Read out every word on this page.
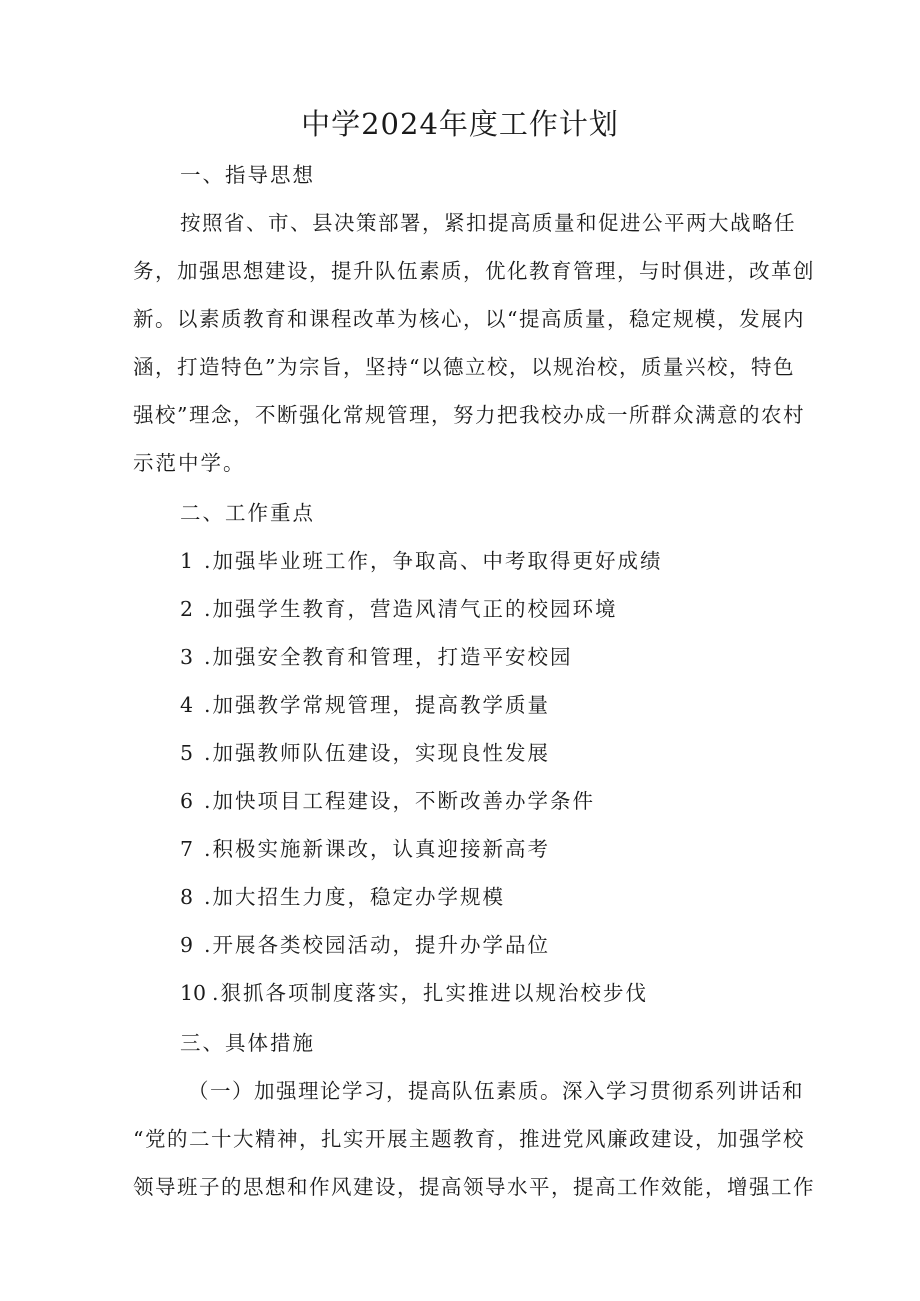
中学2024年度工作计划

一、指导思想

按照省、市、县决策部署，紧扣提高质量和促进公平两大战略任

务，加强思想建设，提升队伍素质，优化教育管理，与时俱进，改革创

新。以素质教育和课程改革为核心，以“提高质量，稳定规模，发展内

涵，打造特色”为宗旨，坚持“以德立校，以规治校，质量兴校，特色

强校”理念，不断强化常规管理，努力把我校办成一所群众满意的农村

示范中学。

二、工作重点

1 .加强毕业班工作，争取高、中考取得更好成绩

2 .加强学生教育，营造风清气正的校园环境

3 .加强安全教育和管理，打造平安校园

4 .加强教学常规管理，提高教学质量

5 .加强教师队伍建设，实现良性发展

6 .加快项目工程建设，不断改善办学条件

7 .积极实施新课改，认真迎接新高考

8 .加大招生力度，稳定办学规模

9 .开展各类校园活动，提升办学品位

10 .狠抓各项制度落实，扎实推进以规治校步伐

三、具体措施

（一）加强理论学习，提高队伍素质。深入学习贯彻系列讲话和

“党的二十大精神，扎实开展主题教育，推进党风廉政建设，加强学校

领导班子的思想和作风建设，提高领导水平，提高工作效能，增强工作
